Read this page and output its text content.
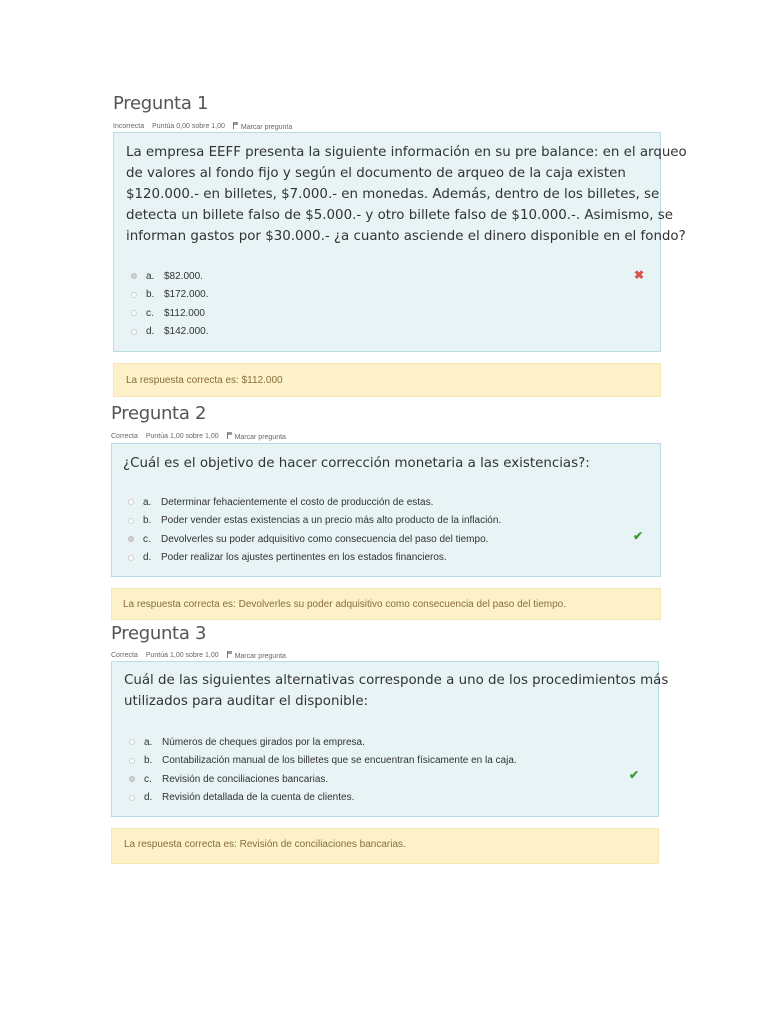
Pregunta 1
Incorrecta Puntúa 0,00 sobre 1,00	Marcar pregunta
La empresa EEFF presenta la siguiente información en su pre balance: en el arqueo
de valores al fondo fijo y según el documento de arqueo de la caja existen
$120.000.- en billetes, $7.000.- en monedas. Además, dentro de los billetes, se
detecta un billete falso de $5.000.- y otro billete falso de $10.000.-. Asimismo, se
informan gastos por $30.000.- ¿a cuanto asciende el dinero disponible en el fondo?
a. $82.000.
b. $172.000.
c.	$112.000
d. $142.000.
✖
La respuesta correcta es: $112.000
Pregunta 2
Correcta Puntúa 1,00 sobre 1,00	Marcar pregunta
¿Cuál es el objetivo de hacer corrección monetaria a las existencias?:
a. Determinar fehacientemente el costo de producción de estas.
b. Poder vender estas existencias a un precio más alto producto de la inflación.
c.	Devolverles su poder adquisitivo como consecuencia del paso del tiempo.
d. Poder realizar los ajustes pertinentes en los estados financieros.
✔
La respuesta correcta es: Devolverles su poder adquisitivo como consecuencia del paso del tiempo.
Pregunta 3
Correcta Puntúa 1,00 sobre 1,00	Marcar pregunta
Cuál de las siguientes alternativas corresponde a uno de los procedimientos más
utilizados para auditar el disponible:
a. Números de cheques girados por la empresa.
b. Contabilización manual de los billetes que se encuentran físicamente en la caja.
c.	Revisión de conciliaciones bancarias.
d. Revisión detallada de la cuenta de clientes.
✔
La respuesta correcta es: Revisión de conciliaciones bancarias.
